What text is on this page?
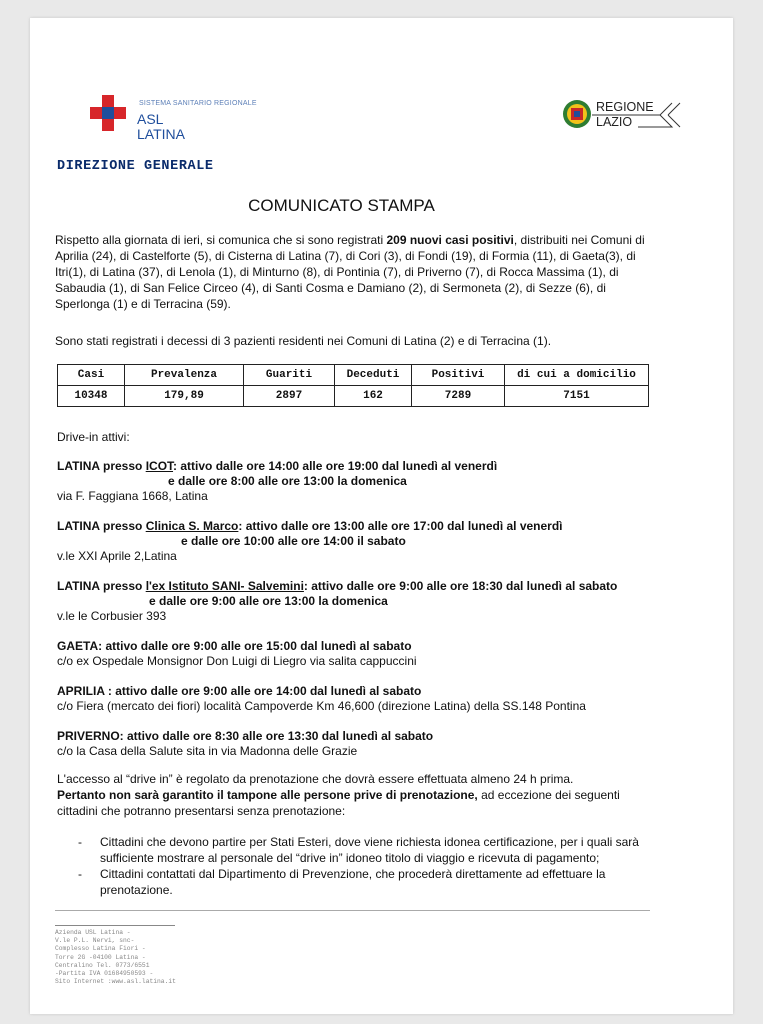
SISTEMA SANITARIO REGIONALE
ASL
LATINA
DIREZIONE GENERALE
REGIONE
LAZIO
COMUNICATO STAMPA
Rispetto alla giornata di ieri, si comunica che si sono registrati 209 nuovi casi positivi, distribuiti nei Comuni di Aprilia (24), di Castelforte (5), di Cisterna di Latina (7), di Cori (3), di Fondi (19), di Formia (11), di Gaeta(3), di Itri(1), di Latina (37), di Lenola (1), di Minturno (8), di Pontinia (7), di Priverno (7), di Rocca Massima (1), di Sabaudia (1), di San Felice Circeo (4), di Santi Cosma e Damiano (2), di Sermoneta (2), di Sezze (6), di Sperlonga (1) e di Terracina (59).
Sono stati registrati i decessi di 3 pazienti residenti nei Comuni di Latina (2) e di Terracina (1).
Casi	Prevalenza	Guariti	Deceduti	Positivi	di cui a domicilio
10348	179,89	2897	162	7289	7151
Drive-in attivi:
LATINA presso ICOT: attivo dalle ore 14:00 alle ore 19:00 dal lunedì al venerdì
e dalle ore 8:00 alle ore 13:00 la domenica
via F. Faggiana 1668, Latina
LATINA presso Clinica S. Marco: attivo dalle ore 13:00 alle ore 17:00 dal lunedì al venerdì
e dalle ore 10:00 alle ore 14:00 il sabato
v.le XXI Aprile 2,Latina
LATINA presso l'ex Istituto SANI- Salvemini: attivo dalle ore 9:00 alle ore 18:30 dal lunedì al sabato
e dalle ore 9:00 alle ore 13:00 la domenica
v.le le Corbusier 393
GAETA: attivo dalle ore 9:00 alle ore 15:00 dal lunedì al sabato
c/o ex Ospedale Monsignor Don Luigi di Liegro via salita cappuccini
APRILIA : attivo dalle ore 9:00 alle ore 14:00 dal lunedì al sabato
c/o Fiera (mercato dei fiori) località Campoverde Km 46,600 (direzione Latina) della SS.148 Pontina
PRIVERNO: attivo dalle ore 8:30 alle ore 13:30 dal lunedì al sabato
c/o la Casa della Salute sita in via Madonna delle Grazie
L'accesso al “drive in” è regolato da prenotazione che dovrà essere effettuata almeno 24 h prima.
Pertanto non sarà garantito il tampone alle persone prive di prenotazione, ad eccezione dei seguenti cittadini che potranno presentarsi senza prenotazione:
- Cittadini che devono partire per Stati Esteri, dove viene richiesta idonea certificazione, per i quali sarà sufficiente mostrare al personale del “drive in” idoneo titolo di viaggio e ricevuta di pagamento;
- Cittadini contattati dal Dipartimento di Prevenzione, che procederà direttamente ad effettuare la prenotazione.
Azienda USL Latina -
V.le P.L. Nervi, snc-
Complesso Latina Fiori -
Torre 2G -04100 Latina -
Centralino Tel. 0773/6551
-Partita IVA 01684950593 -
Sito Internet :www.asl.latina.it
